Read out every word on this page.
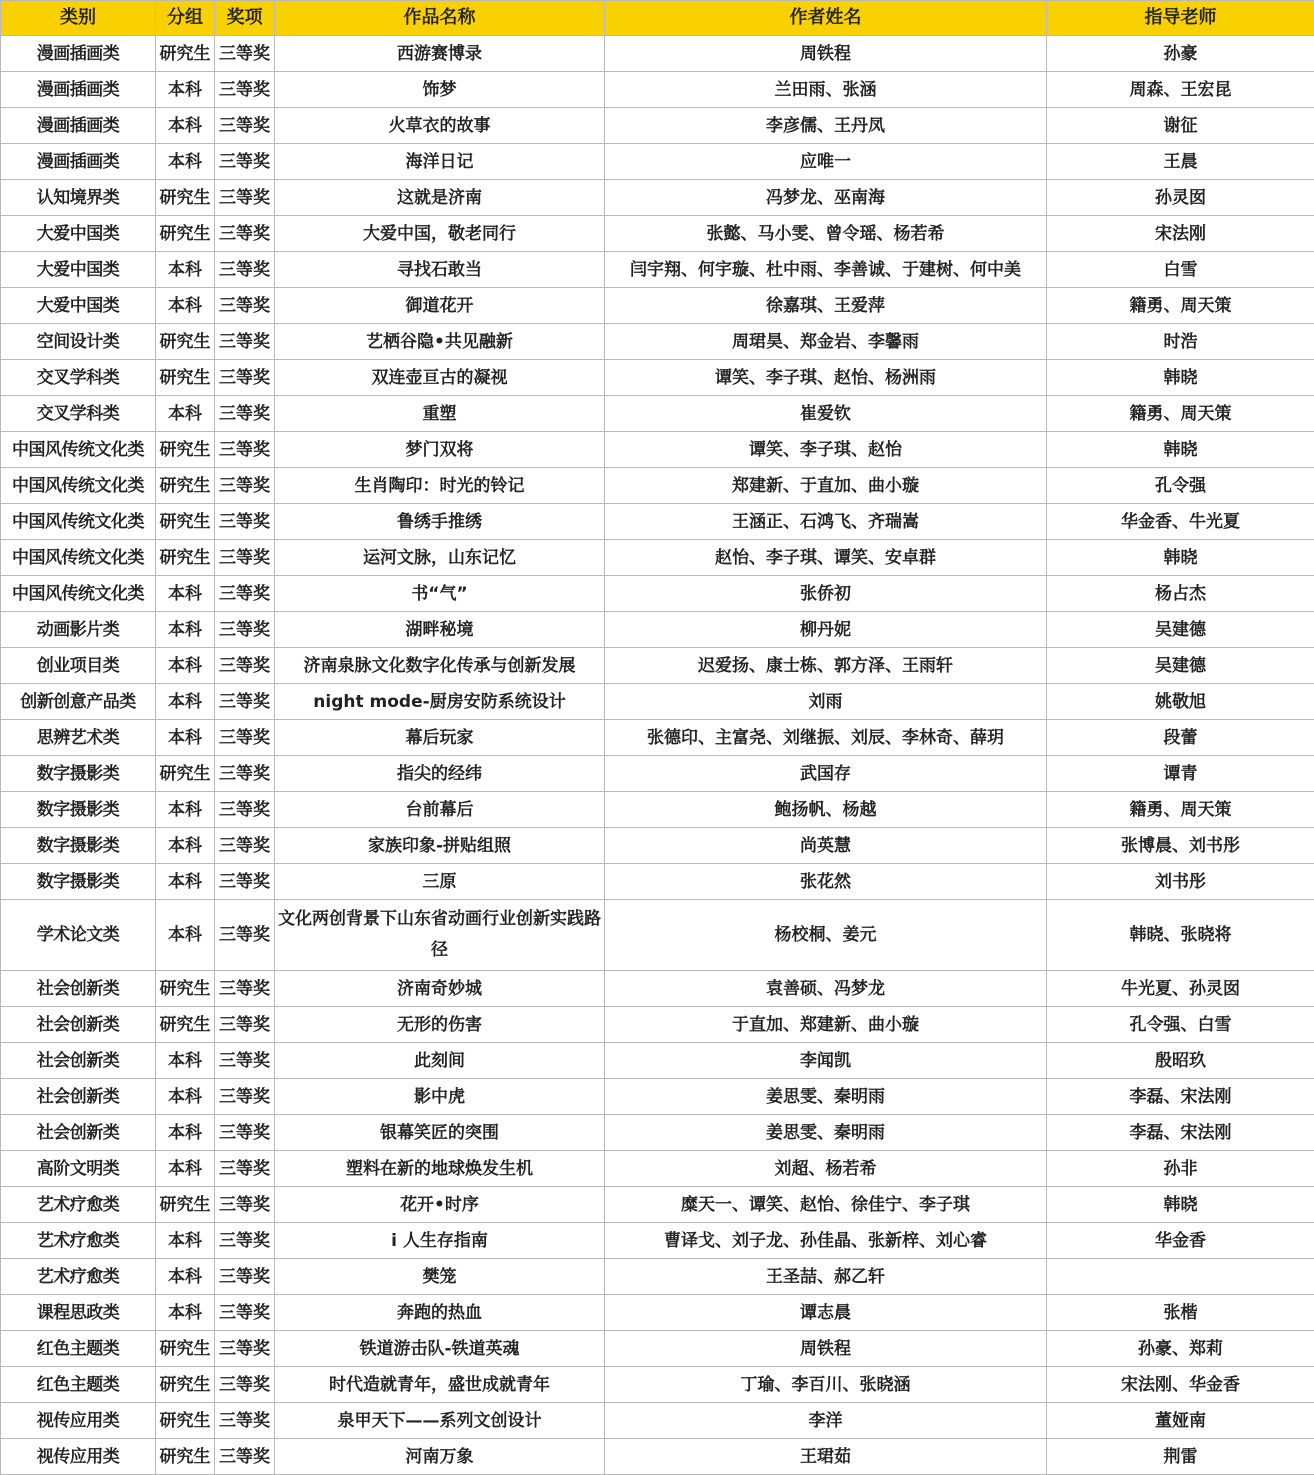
类别	分组	奖项	作品名称	作者姓名	指导老师
漫画插画类	研究生	三等奖	西游赛博录	周铁程	孙豪
漫画插画类	本科	三等奖	饰梦	兰田雨、张涵	周森、王宏昆
漫画插画类	本科	三等奖	火草衣的故事	李彦儒、王丹凤	谢征
漫画插画类	本科	三等奖	海洋日记	应唯一	王晨
认知境界类	研究生	三等奖	这就是济南	冯梦龙、巫南海	孙灵囡
大爱中国类	研究生	三等奖	大爱中国，敬老同行	张懿、马小雯、曾令瑶、杨若希	宋法刚
大爱中国类	本科	三等奖	寻找石敢当	闫宇翔、何宇璇、杜中雨、李善诚、于建树、何中美	白雪
大爱中国类	本科	三等奖	御道花开	徐嘉琪、王爱萍	籍勇、周天策
空间设计类	研究生	三等奖	艺栖谷隐•共见融新	周珺昊、郑金岩、李馨雨	时浩
交叉学科类	研究生	三等奖	双连壶亘古的凝视	谭笑、李子琪、赵怡、杨洲雨	韩晓
交叉学科类	本科	三等奖	重塑	崔爱钦	籍勇、周天策
中国风传统文化类	研究生	三等奖	梦门双将	谭笑、李子琪、赵怡	韩晓
中国风传统文化类	研究生	三等奖	生肖陶印：时光的铃记	郑建新、于直加、曲小璇	孔令强
中国风传统文化类	研究生	三等奖	鲁绣手推绣	王涵正、石鸿飞、齐瑞嵩	华金香、牛光夏
中国风传统文化类	研究生	三等奖	运河文脉，山东记忆	赵怡、李子琪、谭笑、安卓群	韩晓
中国风传统文化类	本科	三等奖	书“气”	张侨初	杨占杰
动画影片类	本科	三等奖	湖畔秘境	柳丹妮	吴建德
创业项目类	本科	三等奖	济南泉脉文化数字化传承与创新发展	迟爱扬、康士栋、郭方泽、王雨轩	吴建德
创新创意产品类	本科	三等奖	night mode-厨房安防系统设计	刘雨	姚敬旭
思辨艺术类	本科	三等奖	幕后玩家	张德印、主富尧、刘继振、刘辰、李林奇、薛玥	段蕾
数字摄影类	研究生	三等奖	指尖的经纬	武国存	谭青
数字摄影类	本科	三等奖	台前幕后	鲍扬帆、杨越	籍勇、周天策
数字摄影类	本科	三等奖	家族印象-拼贴组照	尚英慧	张博晨、刘书彤
数字摄影类	本科	三等奖	三原	张花然	刘书彤
学术论文类	本科	三等奖	文化两创背景下山东省动画行业创新实践路径	杨校桐、姜元	韩晓、张晓将
社会创新类	研究生	三等奖	济南奇妙城	袁善硕、冯梦龙	牛光夏、孙灵囡
社会创新类	研究生	三等奖	无形的伤害	于直加、郑建新、曲小璇	孔令强、白雪
社会创新类	本科	三等奖	此刻间	李闻凯	殷昭玖
社会创新类	本科	三等奖	影中虎	姜思雯、秦明雨	李磊、宋法刚
社会创新类	本科	三等奖	银幕笑匠的突围	姜思雯、秦明雨	李磊、宋法刚
高阶文明类	本科	三等奖	塑料在新的地球焕发生机	刘超、杨若希	孙非
艺术疗愈类	研究生	三等奖	花开•时序	糜天一、谭笑、赵怡、徐佳宁、李子琪	韩晓
艺术疗愈类	本科	三等奖	i 人生存指南	曹译戈、刘子龙、孙佳晶、张新梓、刘心睿	华金香
艺术疗愈类	本科	三等奖	樊笼	王圣喆、郝乙轩	
课程思政类	本科	三等奖	奔跑的热血	谭志晨	张楷
红色主题类	研究生	三等奖	铁道游击队-铁道英魂	周铁程	孙豪、郑莉
红色主题类	研究生	三等奖	时代造就青年，盛世成就青年	丁瑜、李百川、张晓涵	宋法刚、华金香
视传应用类	研究生	三等奖	泉甲天下——系列文创设计	李洋	董娅南
视传应用类	研究生	三等奖	河南万象	王珺茹	荆雷
